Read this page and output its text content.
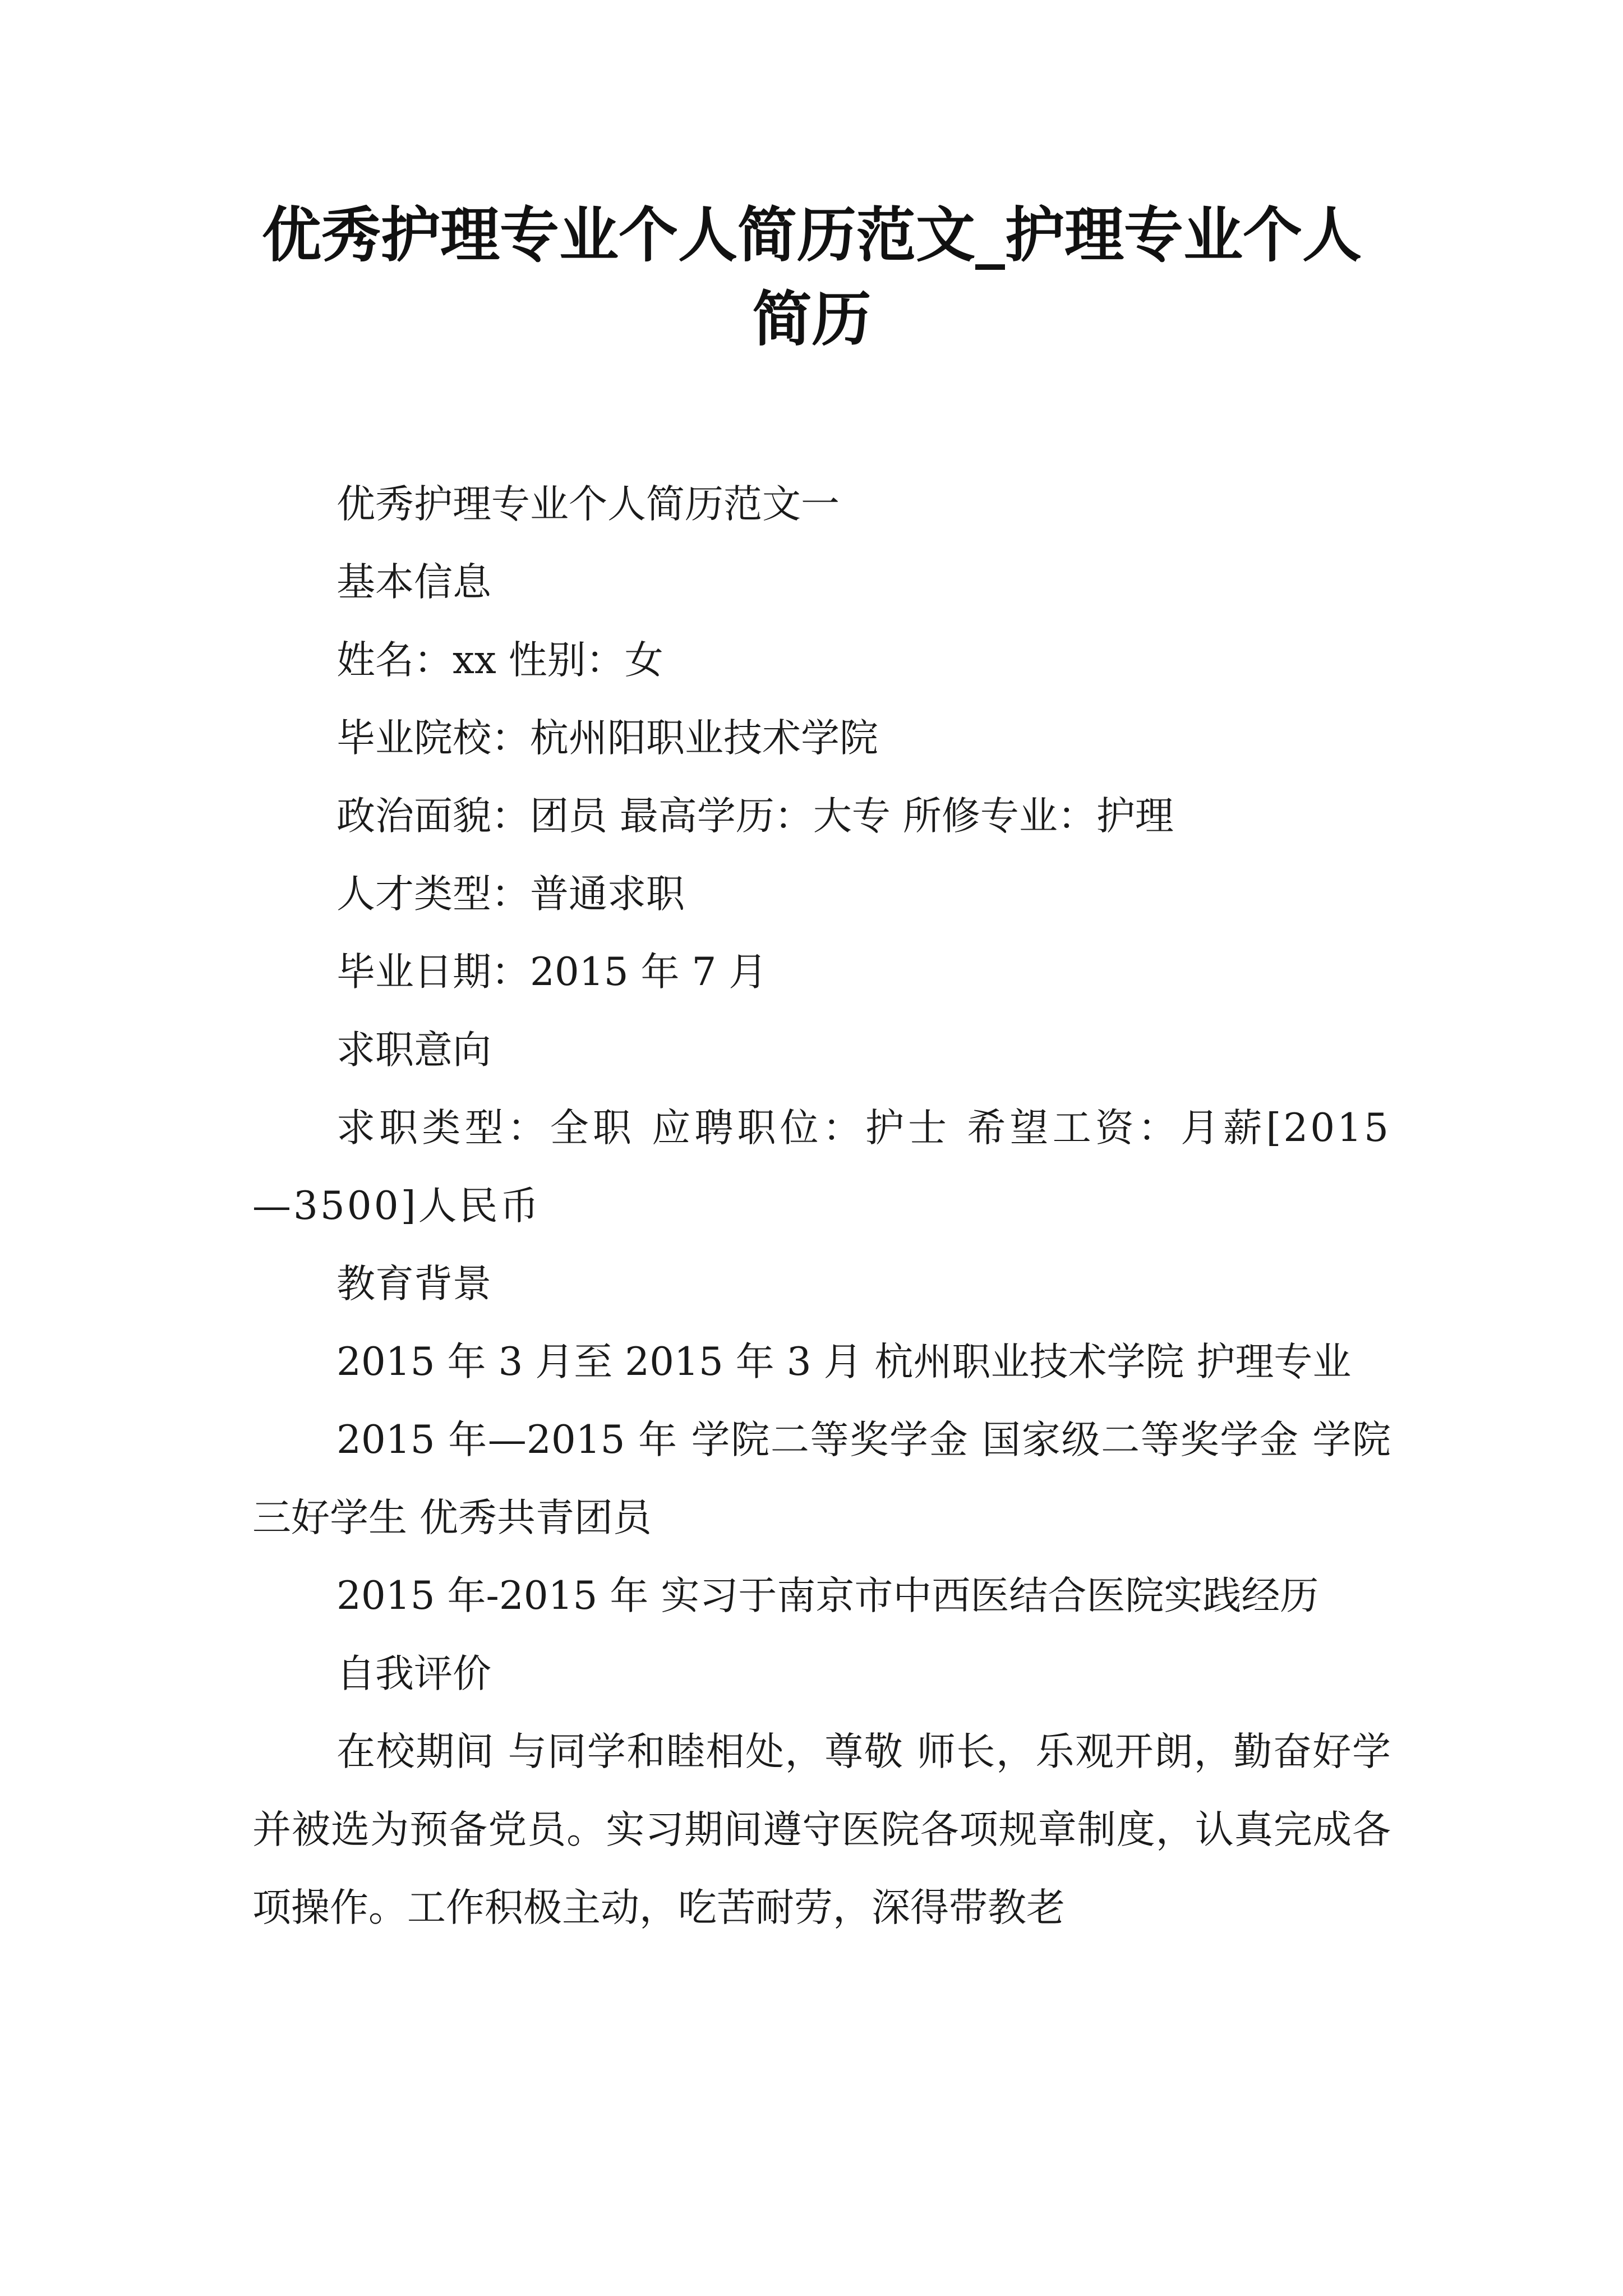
优秀护理专业个人简历范文_护理专业个人
简历

优秀护理专业个人简历范文一

基本信息

姓名：xx 性别：女

毕业院校：杭州阳职业技术学院

政治面貌：团员 最高学历：大专 所修专业：护理

人才类型：普通求职

毕业日期：2015 年 7 月

求职意向

求职类型：全职 应聘职位：护士 希望工资：月薪[2015—3500]人民币

教育背景

2015 年 3 月至 2015 年 3 月 杭州职业技术学院 护理专业

2015 年—2015 年 学院二等奖学金 国家级二等奖学金 学院三好学生 优秀共青团员

2015 年-2015 年 实习于南京市中西医结合医院实践经历

自我评价

在校期间 与同学和睦相处，尊敬 师长，乐观开朗，勤奋好学并被选为预备党员。实习期间遵守医院各项规章制度，认真完成各项操作。工作积极主动，吃苦耐劳，深得带教老
